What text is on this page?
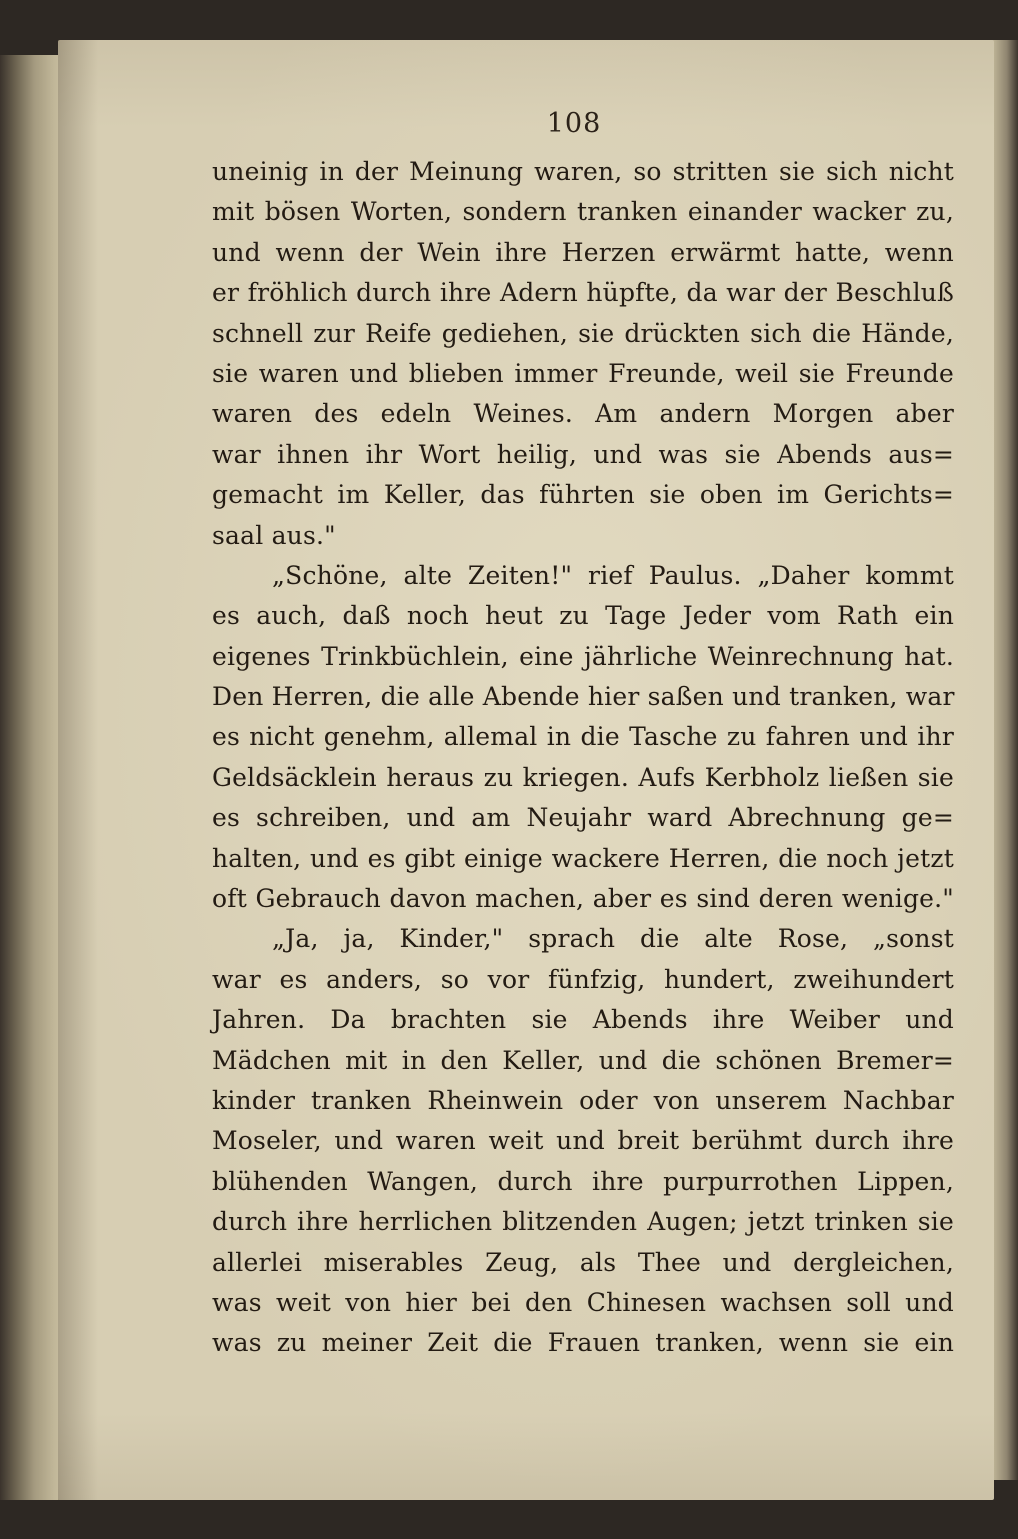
108
uneinig in der Meinung waren, so stritten sie sich nicht
mit bösen Worten, sondern tranken einander wacker zu,
und wenn der Wein ihre Herzen erwärmt hatte, wenn
er fröhlich durch ihre Adern hüpfte, da war der Beschluß
schnell zur Reife gediehen, sie drückten sich die Hände,
sie waren und blieben immer Freunde, weil sie Freunde
waren des edeln Weines. Am andern Morgen aber
war ihnen ihr Wort heilig, und was sie Abends aus=
gemacht im Keller, das führten sie oben im Gerichts=
saal aus."
„Schöne, alte Zeiten!" rief Paulus. „Daher kommt
es auch, daß noch heut zu Tage Jeder vom Rath ein
eigenes Trinkbüchlein, eine jährliche Weinrechnung hat.
Den Herren, die alle Abende hier saßen und tranken, war
es nicht genehm, allemal in die Tasche zu fahren und ihr
Geldsäcklein heraus zu kriegen. Aufs Kerbholz ließen sie
es schreiben, und am Neujahr ward Abrechnung ge=
halten, und es gibt einige wackere Herren, die noch jetzt
oft Gebrauch davon machen, aber es sind deren wenige."
„Ja, ja, Kinder," sprach die alte Rose, „sonst
war es anders, so vor fünfzig, hundert, zweihundert
Jahren. Da brachten sie Abends ihre Weiber und
Mädchen mit in den Keller, und die schönen Bremer=
kinder tranken Rheinwein oder von unserem Nachbar
Moseler, und waren weit und breit berühmt durch ihre
blühenden Wangen, durch ihre purpurrothen Lippen,
durch ihre herrlichen blitzenden Augen; jetzt trinken sie
allerlei miserables Zeug, als Thee und dergleichen,
was weit von hier bei den Chinesen wachsen soll und
was zu meiner Zeit die Frauen tranken, wenn sie ein
